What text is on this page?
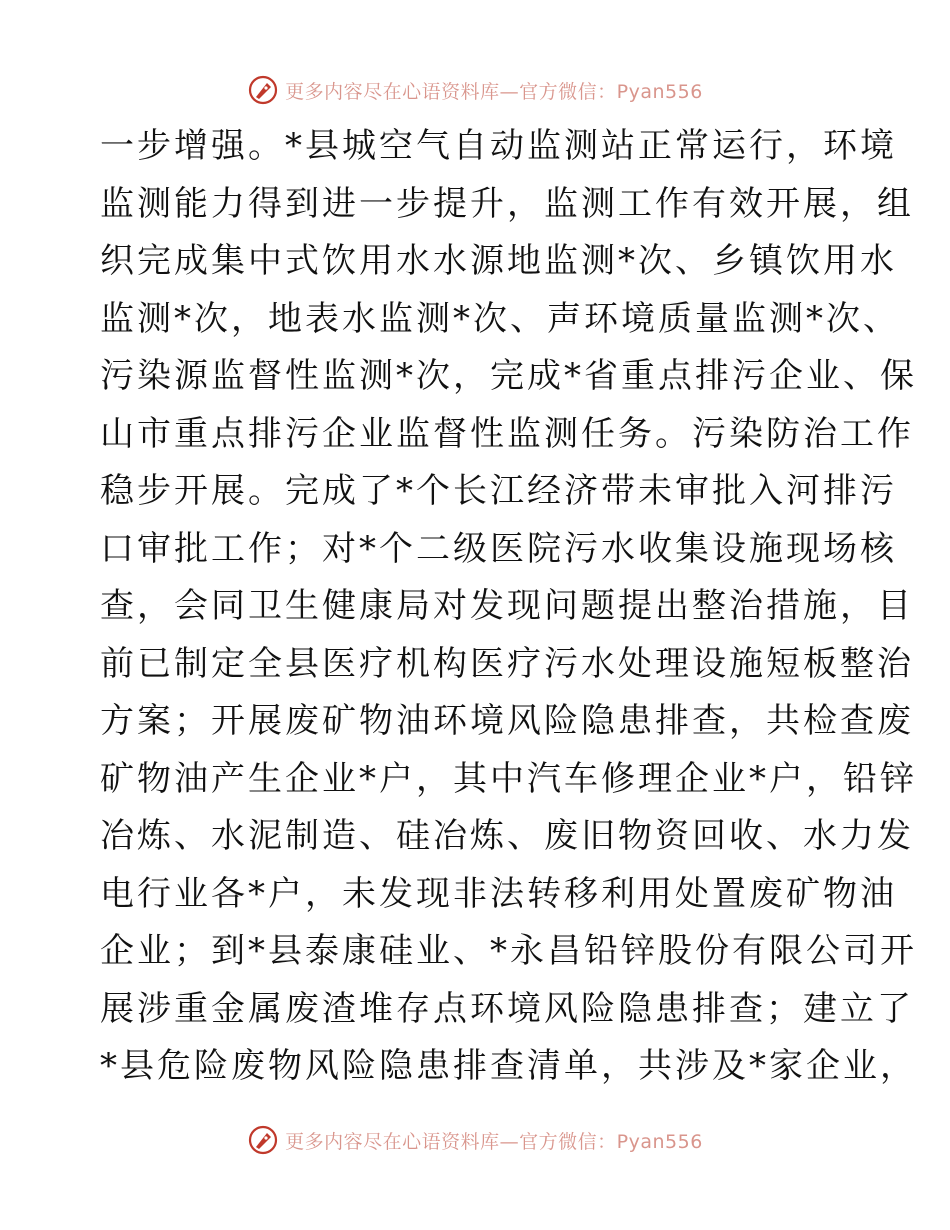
更多内容尽在心语资料库—官方微信：Pyan556
一步增强。*县城空气自动监测站正常运行，环境
监测能力得到进一步提升，监测工作有效开展，组
织完成集中式饮用水水源地监测*次、乡镇饮用水
监测*次，地表水监测*次、声环境质量监测*次、
污染源监督性监测*次，完成*省重点排污企业、保
山市重点排污企业监督性监测任务。污染防治工作
稳步开展。完成了*个长江经济带未审批入河排污
口审批工作；对*个二级医院污水收集设施现场核
查，会同卫生健康局对发现问题提出整治措施，目
前已制定全县医疗机构医疗污水处理设施短板整治
方案；开展废矿物油环境风险隐患排查，共检查废
矿物油产生企业*户，其中汽车修理企业*户，铅锌
冶炼、水泥制造、硅冶炼、废旧物资回收、水力发
电行业各*户，未发现非法转移利用处置废矿物油
企业；到*县泰康硅业、*永昌铅锌股份有限公司开
展涉重金属废渣堆存点环境风险隐患排查；建立了
*县危险废物风险隐患排查清单，共涉及*家企业，
更多内容尽在心语资料库—官方微信：Pyan556
